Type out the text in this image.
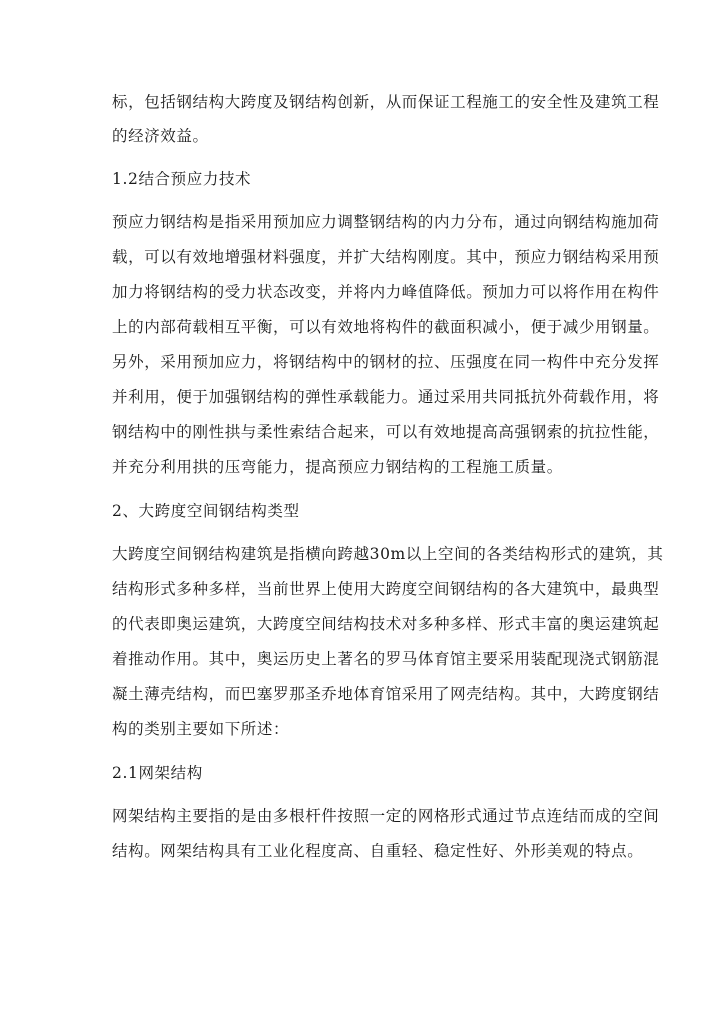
标，包括钢结构大跨度及钢结构创新，从而保证工程施工的安全性及建筑工程
的经济效益。
1.2结合预应力技术
预应力钢结构是指采用预加应力调整钢结构的内力分布，通过向钢结构施加荷
载，可以有效地增强材料强度，并扩大结构刚度。其中，预应力钢结构采用预
加力将钢结构的受力状态改变，并将内力峰值降低。预加力可以将作用在构件
上的内部荷载相互平衡，可以有效地将构件的截面积减小，便于减少用钢量。
另外，采用预加应力，将钢结构中的钢材的拉、压强度在同一构件中充分发挥
并利用，便于加强钢结构的弹性承载能力。通过采用共同抵抗外荷载作用，将
钢结构中的刚性拱与柔性索结合起来，可以有效地提高高强钢索的抗拉性能，
并充分利用拱的压弯能力，提高预应力钢结构的工程施工质量。
2、大跨度空间钢结构类型
大跨度空间钢结构建筑是指横向跨越30m以上空间的各类结构形式的建筑，其
结构形式多种多样，当前世界上使用大跨度空间钢结构的各大建筑中，最典型
的代表即奥运建筑，大跨度空间结构技术对多种多样、形式丰富的奥运建筑起
着推动作用。其中，奥运历史上著名的罗马体育馆主要采用装配现浇式钢筋混
凝土薄壳结构，而巴塞罗那圣乔地体育馆采用了网壳结构。其中，大跨度钢结
构的类别主要如下所述：
2.1网架结构
网架结构主要指的是由多根杆件按照一定的网格形式通过节点连结而成的空间
结构。网架结构具有工业化程度高、自重轻、稳定性好、外形美观的特点。
